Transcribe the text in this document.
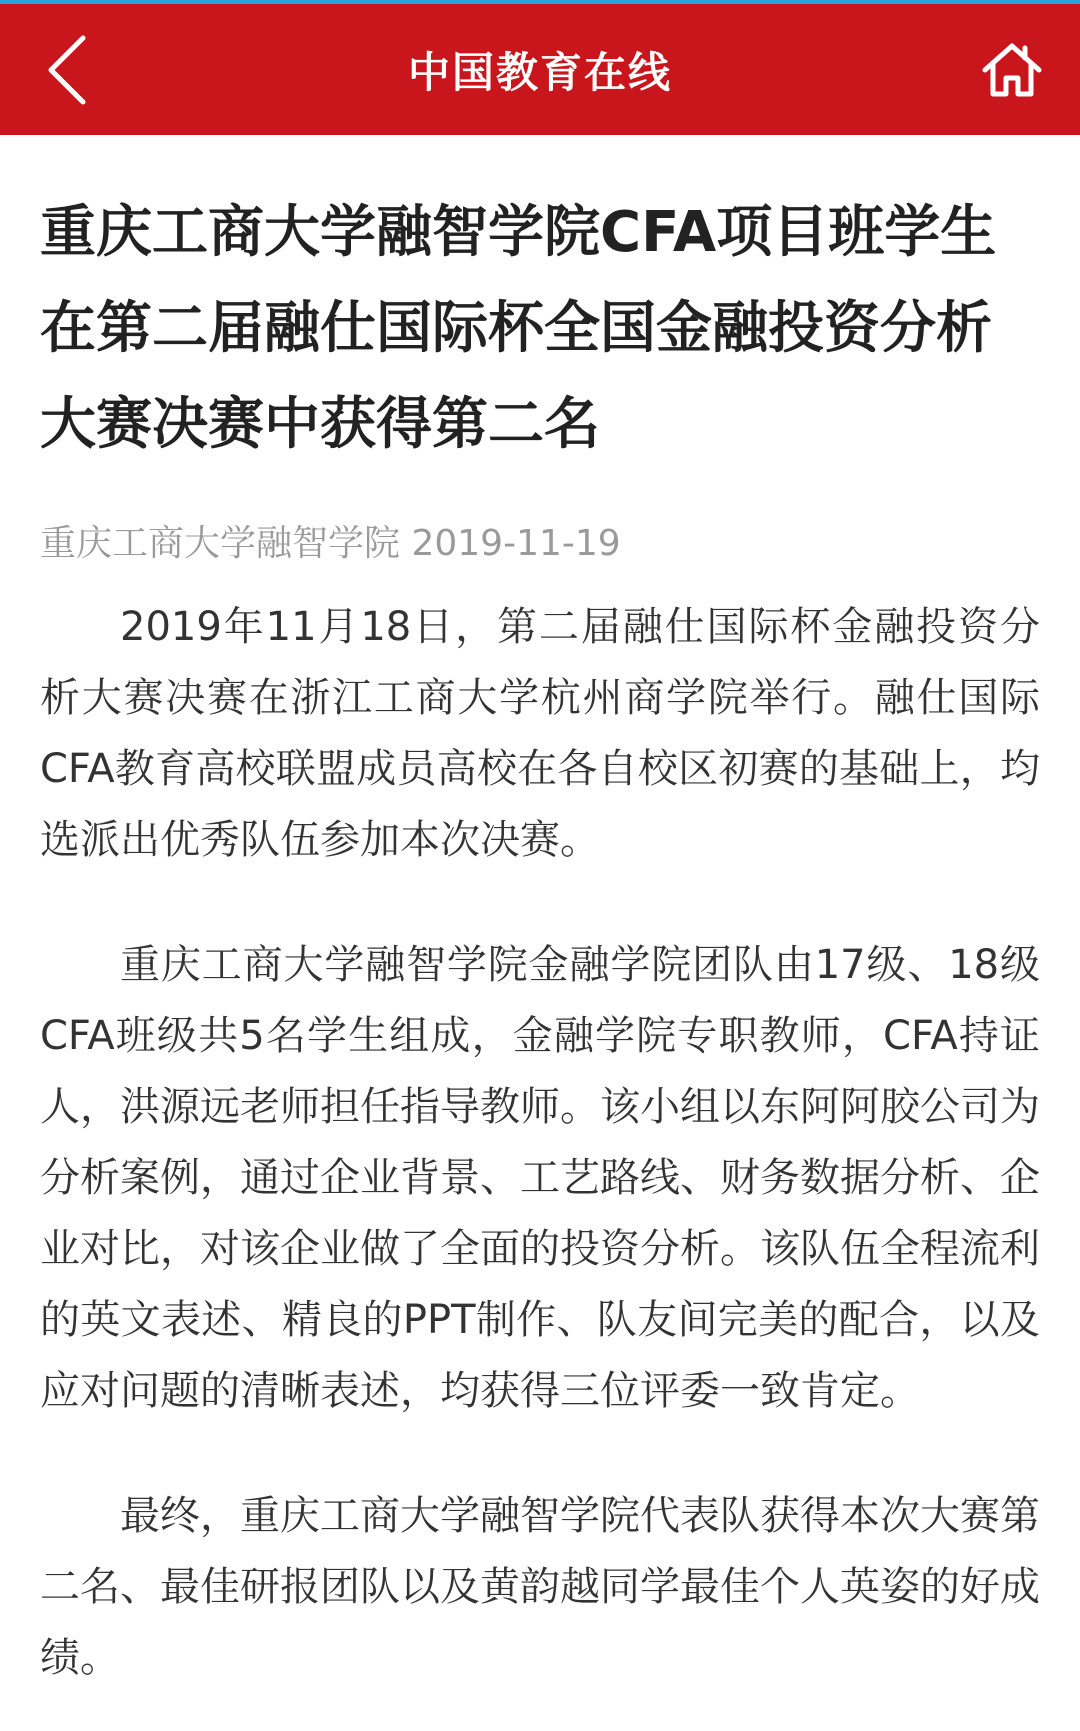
中国教育在线
重庆工商大学融智学院CFA项目班学生在第二届融仕国际杯全国金融投资分析大赛决赛中获得第二名
重庆工商大学融智学院 2019-11-19

2019年11月18日，第二届融仕国际杯金融投资分析大赛决赛在浙江工商大学杭州商学院举行。融仕国际CFA教育高校联盟成员高校在各自校区初赛的基础上，均选派出优秀队伍参加本次决赛。

重庆工商大学融智学院金融学院团队由17级、18级CFA班级共5名学生组成，金融学院专职教师，CFA持证人，洪源远老师担任指导教师。该小组以东阿阿胶公司为分析案例，通过企业背景、工艺路线、财务数据分析、企业对比，对该企业做了全面的投资分析。该队伍全程流利的英文表述、精良的PPT制作、队友间完美的配合，以及应对问题的清晰表述，均获得三位评委一致肯定。

最终，重庆工商大学融智学院代表队获得本次大赛第二名、最佳研报团队以及黄韵越同学最佳个人英姿的好成绩。
